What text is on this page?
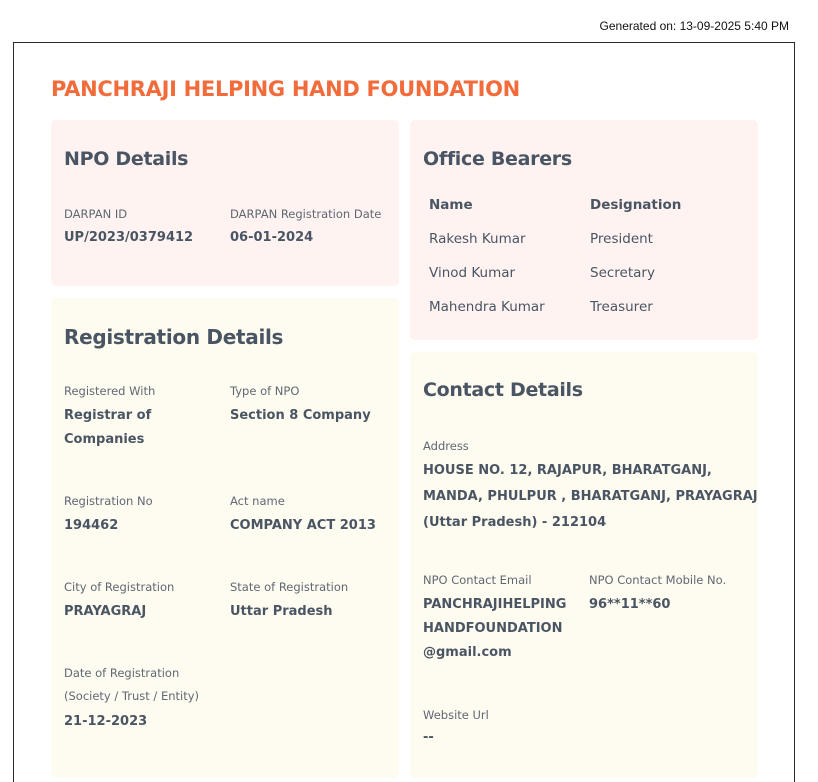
Generated on: 13-09-2025 5:40 PM
PANCHRAJI HELPING HAND FOUNDATION
NPO Details
DARPAN ID
UP/2023/0379412
DARPAN Registration Date
06-01-2024
Office Bearers
Name	Designation
Rakesh Kumar	President
Vinod Kumar	Secretary
Mahendra Kumar	Treasurer
Registration Details
Registered With
Registrar of Companies
Type of NPO
Section 8 Company
Registration No
194462
Act name
COMPANY ACT 2013
City of Registration
PRAYAGRAJ
State of Registration
Uttar Pradesh
Date of Registration
(Society / Trust / Entity)
21-12-2023
Contact Details
Address
HOUSE NO. 12, RAJAPUR, BHARATGANJ, MANDA, PHULPUR , BHARATGANJ, PRAYAGRAJ (Uttar Pradesh) - 212104
NPO Contact Email
PANCHRAJIHELPINGHANDFOUNDATION@gmail.com
NPO Contact Mobile No.
96**11**60
Website Url
--
